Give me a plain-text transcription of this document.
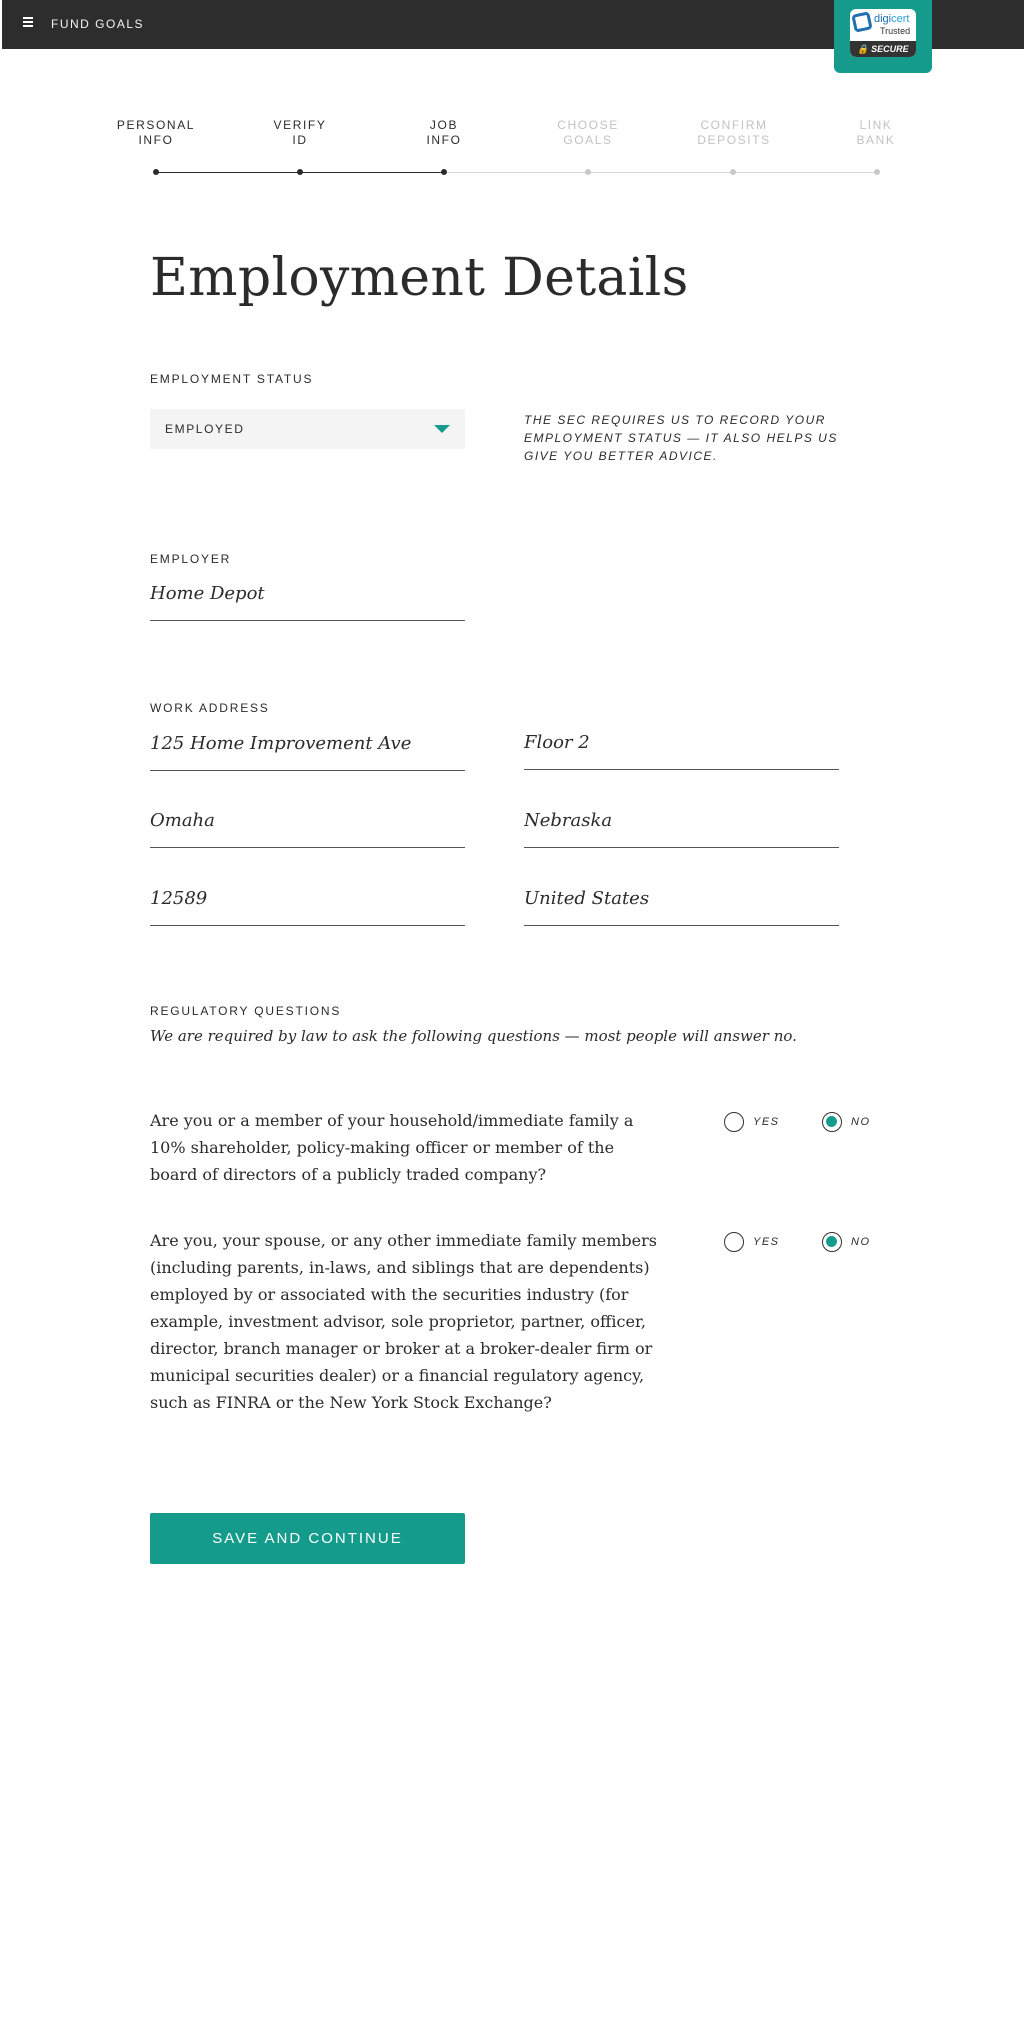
FUND GOALS	digicert
Trusted
🔒 SECURE
PERSONAL
INFO
VERIFY
ID
JOB
INFO
CHOOSE
GOALS
CONFIRM
DEPOSITS
LINK
BANK
Employment Details
EMPLOYMENT STATUS
EMPLOYED
THE SEC REQUIRES US TO RECORD YOUR EMPLOYMENT STATUS — IT ALSO HELPS US GIVE YOU BETTER ADVICE.
EMPLOYER
Home Depot
WORK ADDRESS
125 Home Improvement Ave
Floor 2
Omaha
Nebraska
12589
United States
REGULATORY QUESTIONS
We are required by law to ask the following questions — most people will answer no.
Are you or a member of your household/immediate family a 10% shareholder, policy-making officer or member of the board of directors of a publicly traded company?
YES	NO
Are you, your spouse, or any other immediate family members (including parents, in-laws, and siblings that are dependents) employed by or associated with the securities industry (for example, investment advisor, sole proprietor, partner, officer, director, branch manager or broker at a broker-dealer firm or municipal securities dealer) or a financial regulatory agency, such as FINRA or the New York Stock Exchange?
YES	NO
SAVE AND CONTINUE
